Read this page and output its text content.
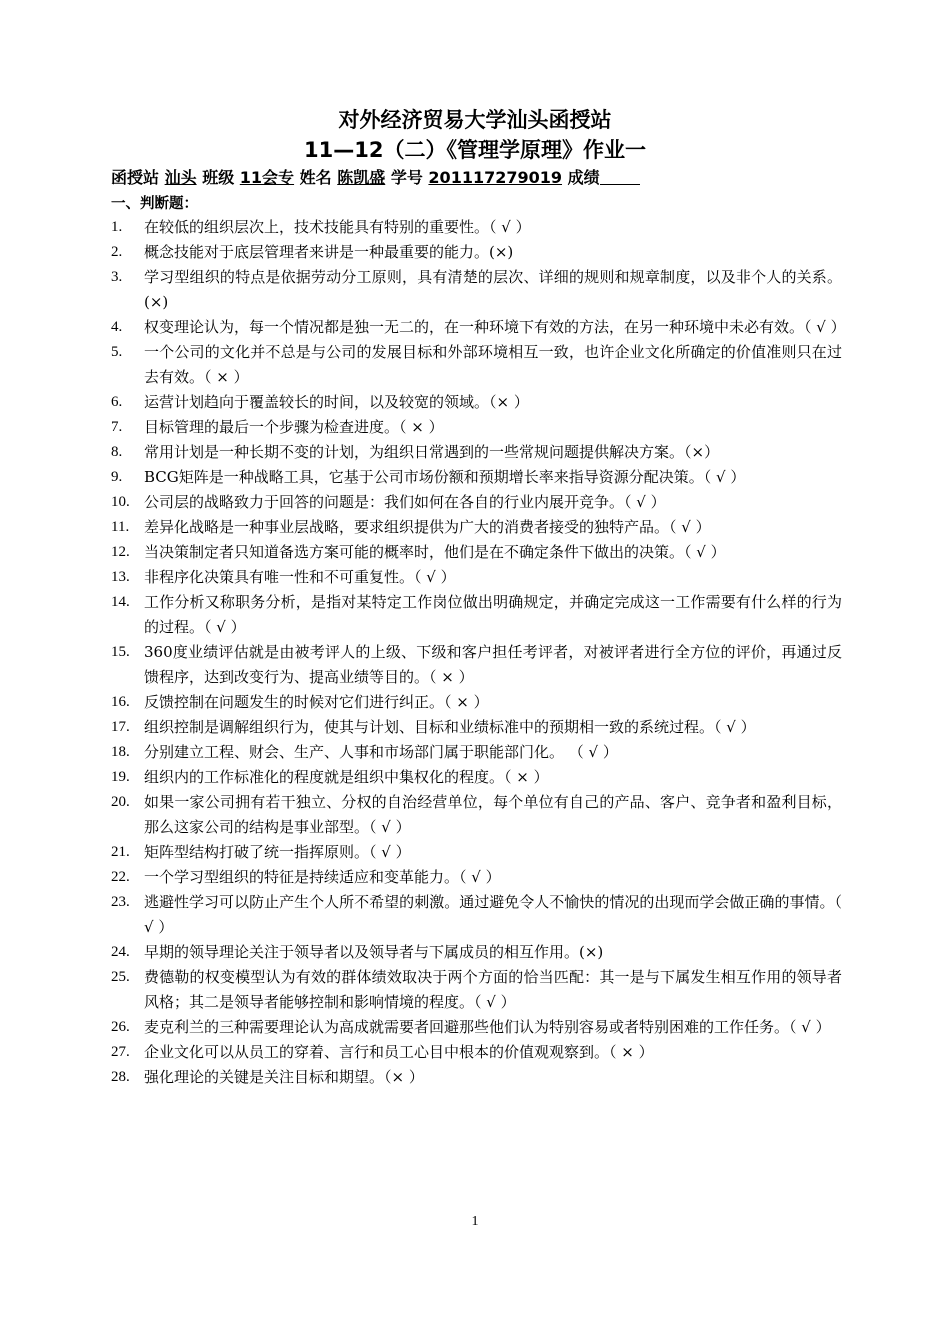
对外经济贸易大学汕头函授站
11—12（二）《管理学原理》作业一
函授站 汕头 班级 11会专 姓名 陈凯盛 学号 201117279019 成绩
一、判断题：
1.	在较低的组织层次上，技术技能具有特别的重要性。（ √ ）
2.	概念技能对于底层管理者来讲是一种最重要的能力。(×)
3.	学习型组织的特点是依据劳动分工原则，具有清楚的层次、详细的规则和规章制度，以及非个人的关系。(×)
4.	权变理论认为，每一个情况都是独一无二的，在一种环境下有效的方法，在另一种环境中未必有效。（ √ ）
5.	一个公司的文化并不总是与公司的发展目标和外部环境相互一致，也许企业文化所确定的价值准则只在过去有效。（ × ）
6.	运营计划趋向于覆盖较长的时间，以及较宽的领域。（× ）
7.	目标管理的最后一个步骤为检查进度。（ × ）
8.	常用计划是一种长期不变的计划，为组织日常遇到的一些常规问题提供解决方案。（×）
9.	BCG矩阵是一种战略工具，它基于公司市场份额和预期增长率来指导资源分配决策。（ √ ）
10. 公司层的战略致力于回答的问题是：我们如何在各自的行业内展开竞争。（ √ ）
11. 差异化战略是一种事业层战略，要求组织提供为广大的消费者接受的独特产品。（ √ ）
12. 当决策制定者只知道备选方案可能的概率时，他们是在不确定条件下做出的决策。（ √ ）
13. 非程序化决策具有唯一性和不可重复性。（ √ ）
14. 工作分析又称职务分析，是指对某特定工作岗位做出明确规定，并确定完成这一工作需要有什么样的行为的过程。（ √ ）
15. 360度业绩评估就是由被考评人的上级、下级和客户担任考评者，对被评者进行全方位的评价，再通过反馈程序，达到改变行为、提高业绩等目的。（ × ）
16. 反馈控制在问题发生的时候对它们进行纠正。（ × ）
17. 组织控制是调解组织行为，使其与计划、目标和业绩标准中的预期相一致的系统过程。（ √ ）
18. 分别建立工程、财会、生产、人事和市场部门属于职能部门化。 （ √ ）
19. 组织内的工作标准化的程度就是组织中集权化的程度。（ × ）
20. 如果一家公司拥有若干独立、分权的自治经营单位，每个单位有自己的产品、客户、竞争者和盈利目标，那么这家公司的结构是事业部型。（ √ ）
21. 矩阵型结构打破了统一指挥原则。（ √ ）
22. 一个学习型组织的特征是持续适应和变革能力。（ √ ）
23. 逃避性学习可以防止产生个人所不希望的刺激。通过避免令人不愉快的情况的出现而学会做正确的事情。（ √ ）
24. 早期的领导理论关注于领导者以及领导者与下属成员的相互作用。(×)
25. 费德勒的权变模型认为有效的群体绩效取决于两个方面的恰当匹配：其一是与下属发生相互作用的领导者风格；其二是领导者能够控制和影响情境的程度。（ √ ）
26. 麦克利兰的三种需要理论认为高成就需要者回避那些他们认为特别容易或者特别困难的工作任务。（ √ ）
27. 企业文化可以从员工的穿着、言行和员工心目中根本的价值观观察到。（ × ）
28. 强化理论的关键是关注目标和期望。（× ）
1
